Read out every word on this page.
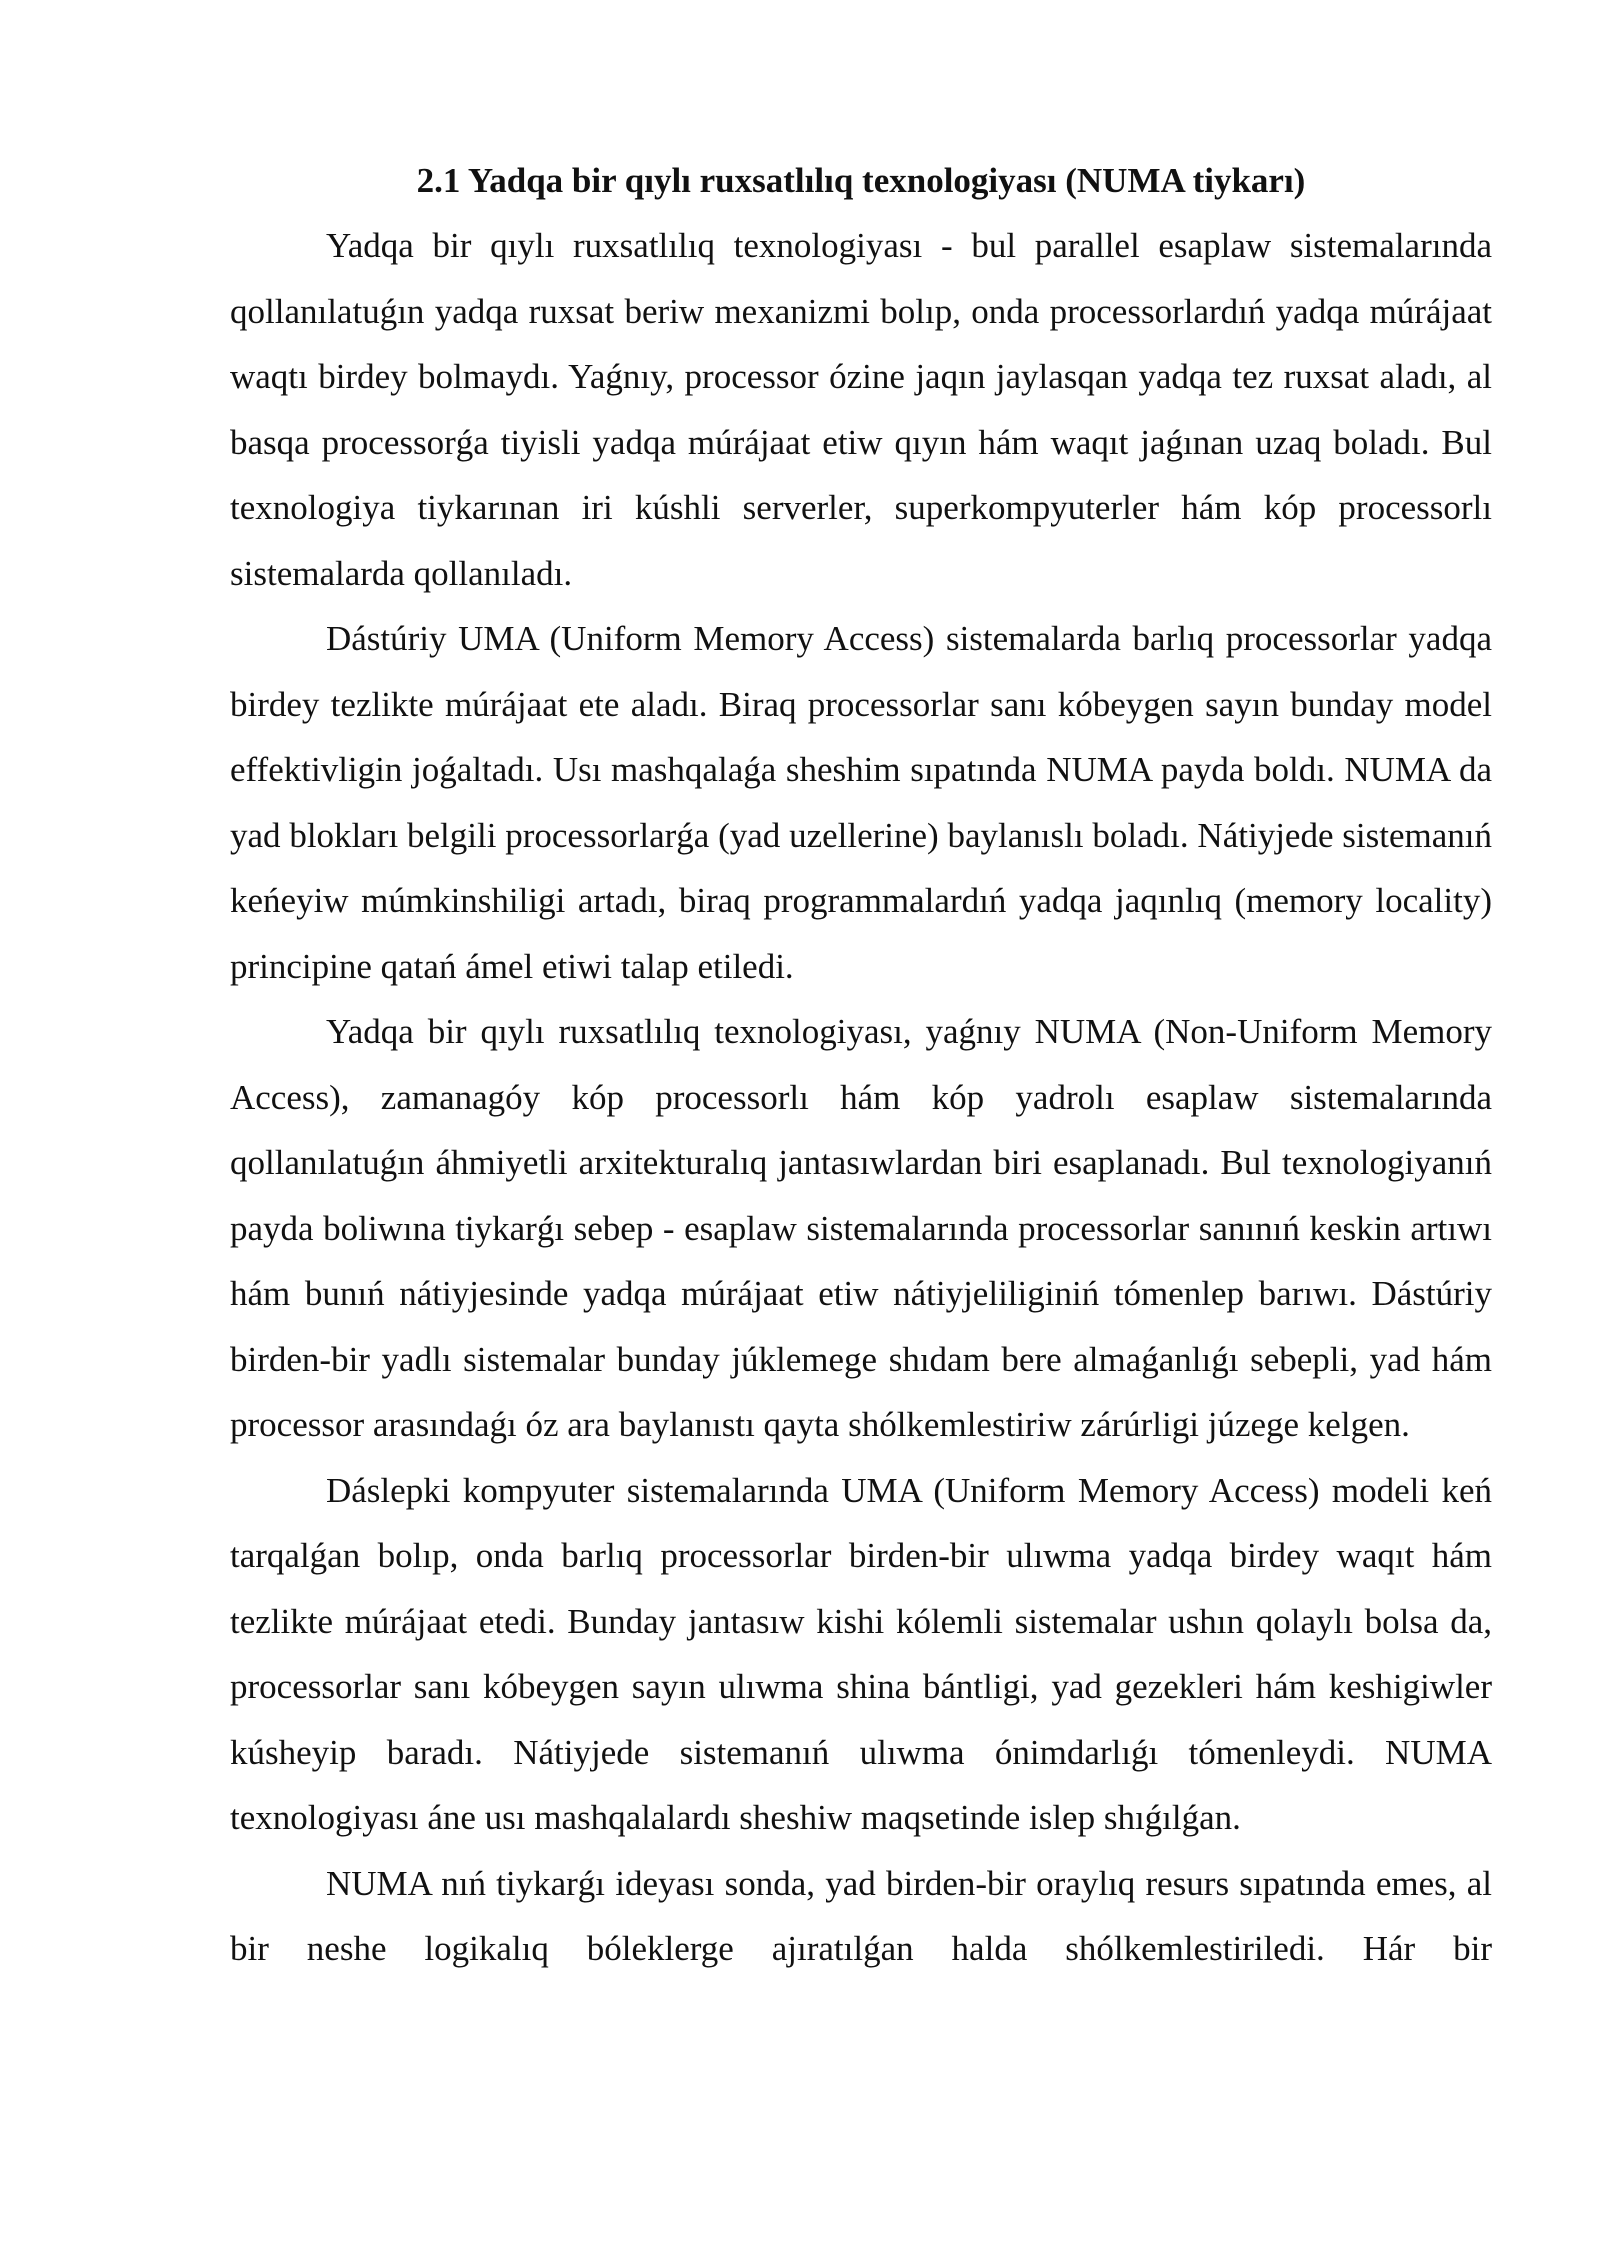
2.1 Yadqa bir qıylı ruxsatlılıq texnologiyası (NUMA tiykarı)

Yadqa bir qıylı ruxsatlılıq texnologiyası - bul parallel esaplaw sistemalarında qollanılatuǵın yadqa ruxsat beriw mexanizmi bolıp, onda processorlardıń yadqa múrájaat waqtı birdey bolmaydı. Yaǵnıy, processor ózine jaqın jaylasqan yadqa tez ruxsat aladı, al basqa processorǵa tiyisli yadqa múrájaat etiw qıyın hám waqıt jaǵınan uzaq boladı. Bul texnologiya tiykarınan iri kúshli serverler, superkompyuterler hám kóp processorlı sistemalarda qollanıladı.

Dástúriy UMA (Uniform Memory Access) sistemalarda barlıq processorlar yadqa birdey tezlikte múrájaat ete aladı. Biraq processorlar sanı kóbeygen sayın bunday model effektivligin joǵaltadı. Usı mashqalaǵa sheshim sıpatında NUMA payda boldı. NUMA da yad blokları belgili processorlarǵa (yad uzellerine) baylanıslı boladı. Nátiyjede sistemanıń keńeyiw múmkinshiligi artadı, biraq programmalardıń yadqa jaqınlıq (memory locality) principine qatań ámel etiwi talap etiledi.

Yadqa bir qıylı ruxsatlılıq texnologiyası, yaǵnıy NUMA (Non-Uniform Memory Access), zamanagóy kóp processorlı hám kóp yadrolı esaplaw sistemalarında qollanılatuǵın áhmiyetli arxitekturalıq jantasıwlardan biri esaplanadı. Bul texnologiyanıń payda boliwına tiykarǵı sebep - esaplaw sistemalarında processorlar sanınıń keskin artıwı hám bunıń nátiyjesinde yadqa múrájaat etiw nátiyjeliliginiń tómenlep barıwı. Dástúriy birden-bir yadlı sistemalar bunday júklemege shıdam bere almaǵanlıǵı sebepli, yad hám processor arasındaǵı óz ara baylanıstı qayta shólkemlestiriw zárúrligi júzege kelgen.

Dáslepki kompyuter sistemalarında UMA (Uniform Memory Access) modeli keń tarqalǵan bolıp, onda barlıq processorlar birden-bir ulıwma yadqa birdey waqıt hám tezlikte múrájaat etedi. Bunday jantasıw kishi kólemli sistemalar ushın qolaylı bolsa da, processorlar sanı kóbeygen sayın ulıwma shina bántligi, yad gezekleri hám keshigiwler kúsheyip baradı. Nátiyjede sistemanıń ulıwma ónimdarlıǵı tómenleydi. NUMA texnologiyası áne usı mashqalalardı sheshiw maqsetinde islep shıǵılǵan.

NUMA nıń tiykarǵı ideyası sonda, yad birden-bir oraylıq resurs sıpatında emes, al bir neshe logikalıq bóleklerge ajıratılǵan halda shólkemlestiriledi. Hár bir
